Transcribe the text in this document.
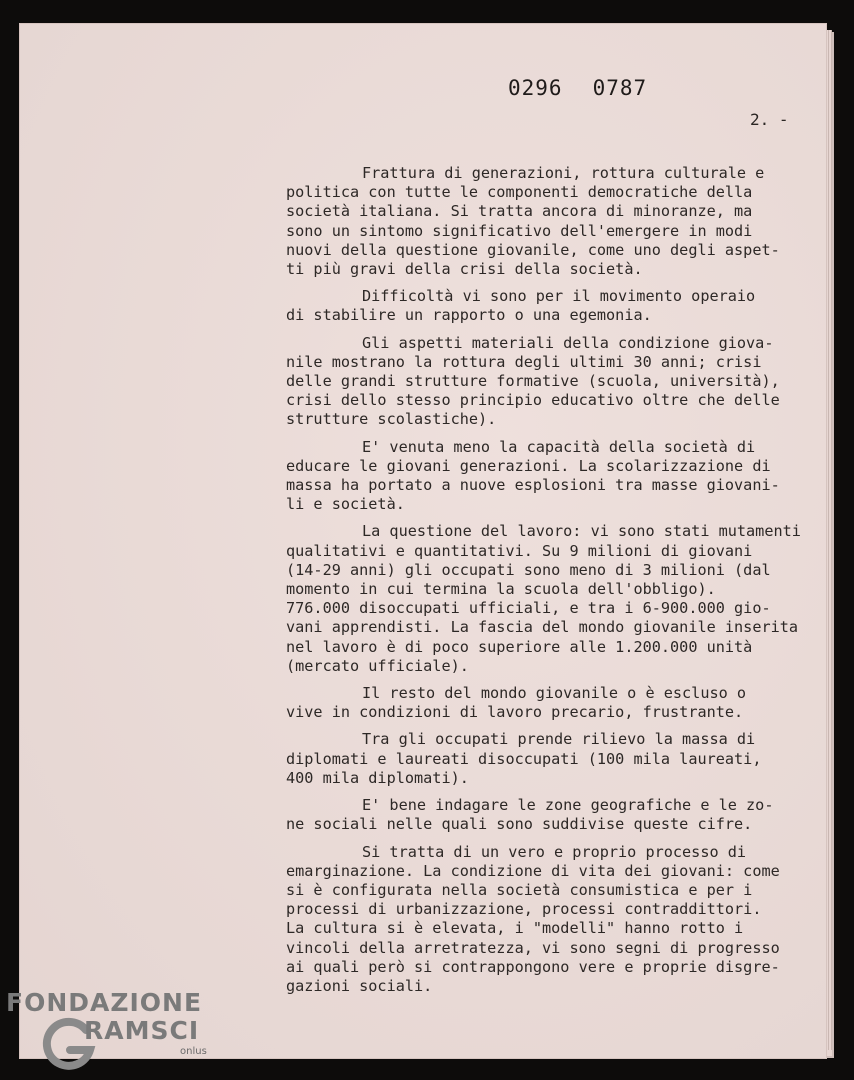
0296 0787
2. -
Frattura di generazioni, rottura culturale e
politica con tutte le componenti democratiche della
società italiana. Si tratta ancora di minoranze, ma
sono un sintomo significativo dell'emergere in modi
nuovi della questione giovanile, come uno degli aspet-
ti più gravi della crisi della società.
Difficoltà vi sono per il movimento operaio
di stabilire un rapporto o una egemonia.
Gli aspetti materiali della condizione giova-
nile mostrano la rottura degli ultimi 30 anni; crisi
delle grandi strutture formative (scuola, università),
crisi dello stesso principio educativo oltre che delle
strutture scolastiche).
E' venuta meno la capacità della società di
educare le giovani generazioni. La scolarizzazione di
massa ha portato a nuove esplosioni tra masse giovani-
li e società.
La questione del lavoro: vi sono stati mutamenti
qualitativi e quantitativi. Su 9 milioni di giovani
(14-29 anni) gli occupati sono meno di 3 milioni (dal
momento in cui termina la scuola dell'obbligo).
776.000 disoccupati ufficiali, e tra i 6-900.000 gio-
vani apprendisti. La fascia del mondo giovanile inserita
nel lavoro è di poco superiore alle 1.200.000 unità
(mercato ufficiale).
Il resto del mondo giovanile o è escluso o
vive in condizioni di lavoro precario, frustrante.
Tra gli occupati prende rilievo la massa di
diplomati e laureati disoccupati (100 mila laureati,
400 mila diplomati).
E' bene indagare le zone geografiche e le zo-
ne sociali nelle quali sono suddivise queste cifre.
Si tratta di un vero e proprio processo di
emarginazione. La condizione di vita dei giovani: come
si è configurata nella società consumistica e per i
processi di urbanizzazione, processi contraddittori.
La cultura si è elevata, i "modelli" hanno rotto i
vincoli della arretratezza, vi sono segni di progresso
ai quali però si contrappongono vere e proprie disgre-
gazioni sociali.
FONDAZIONE
RAMSCI
onlus
